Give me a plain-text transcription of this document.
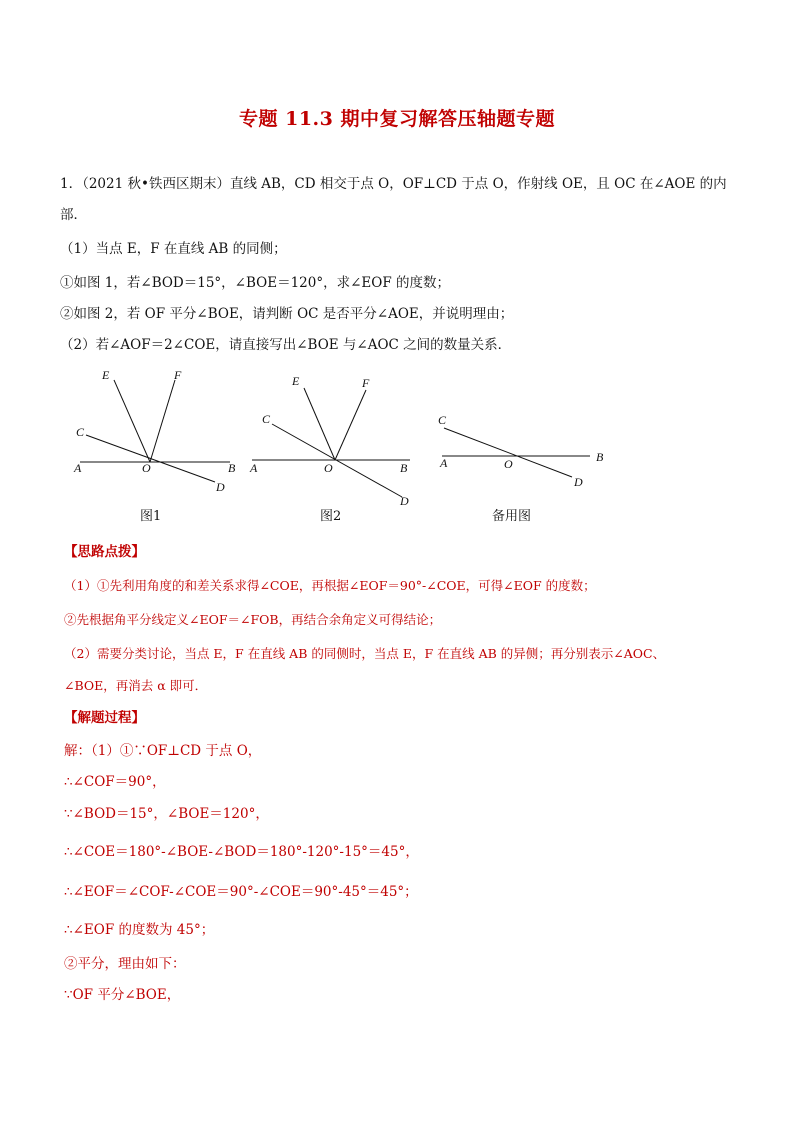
专题 11.3 期中复习解答压轴题专题
1．（2021 秋•铁西区期末）直线 AB，CD 相交于点 O，OF⊥CD 于点 O，作射线 OE，且 OC 在∠AOE 的内
部．
（1）当点 E，F 在直线 AB 的同侧；
①如图 1，若∠BOD＝15°，∠BOE＝120°，求∠EOF 的度数；
②如图 2，若 OF 平分∠BOE，请判断 OC 是否平分∠AOE，并说明理由；
（2）若∠AOF＝2∠COE，请直接写出∠BOE 与∠AOC 之间的数量关系．
E	F
C
A	O	B
D
图1
E	F
C
A	O	B
D
图2
C
A	O	B
D
备用图
【思路点拨】
（1）①先利用角度的和差关系求得∠COE，再根据∠EOF＝90°-∠COE，可得∠EOF 的度数；
②先根据角平分线定义∠EOF＝∠FOB，再结合余角定义可得结论；
（2）需要分类讨论，当点 E，F 在直线 AB 的同侧时，当点 E，F 在直线 AB 的异侧；再分别表示∠AOC、
∠BOE，再消去 α 即可．
【解题过程】
解：（1）①∵OF⊥CD 于点 O，
∴∠COF＝90°，
∵∠BOD＝15°，∠BOE＝120°，
∴∠COE＝180°-∠BOE-∠BOD＝180°-120°-15°＝45°，
∴∠EOF＝∠COF-∠COE＝90°-∠COE＝90°-45°＝45°；
∴∠EOF 的度数为 45°；
②平分，理由如下：
∵OF 平分∠BOE，
